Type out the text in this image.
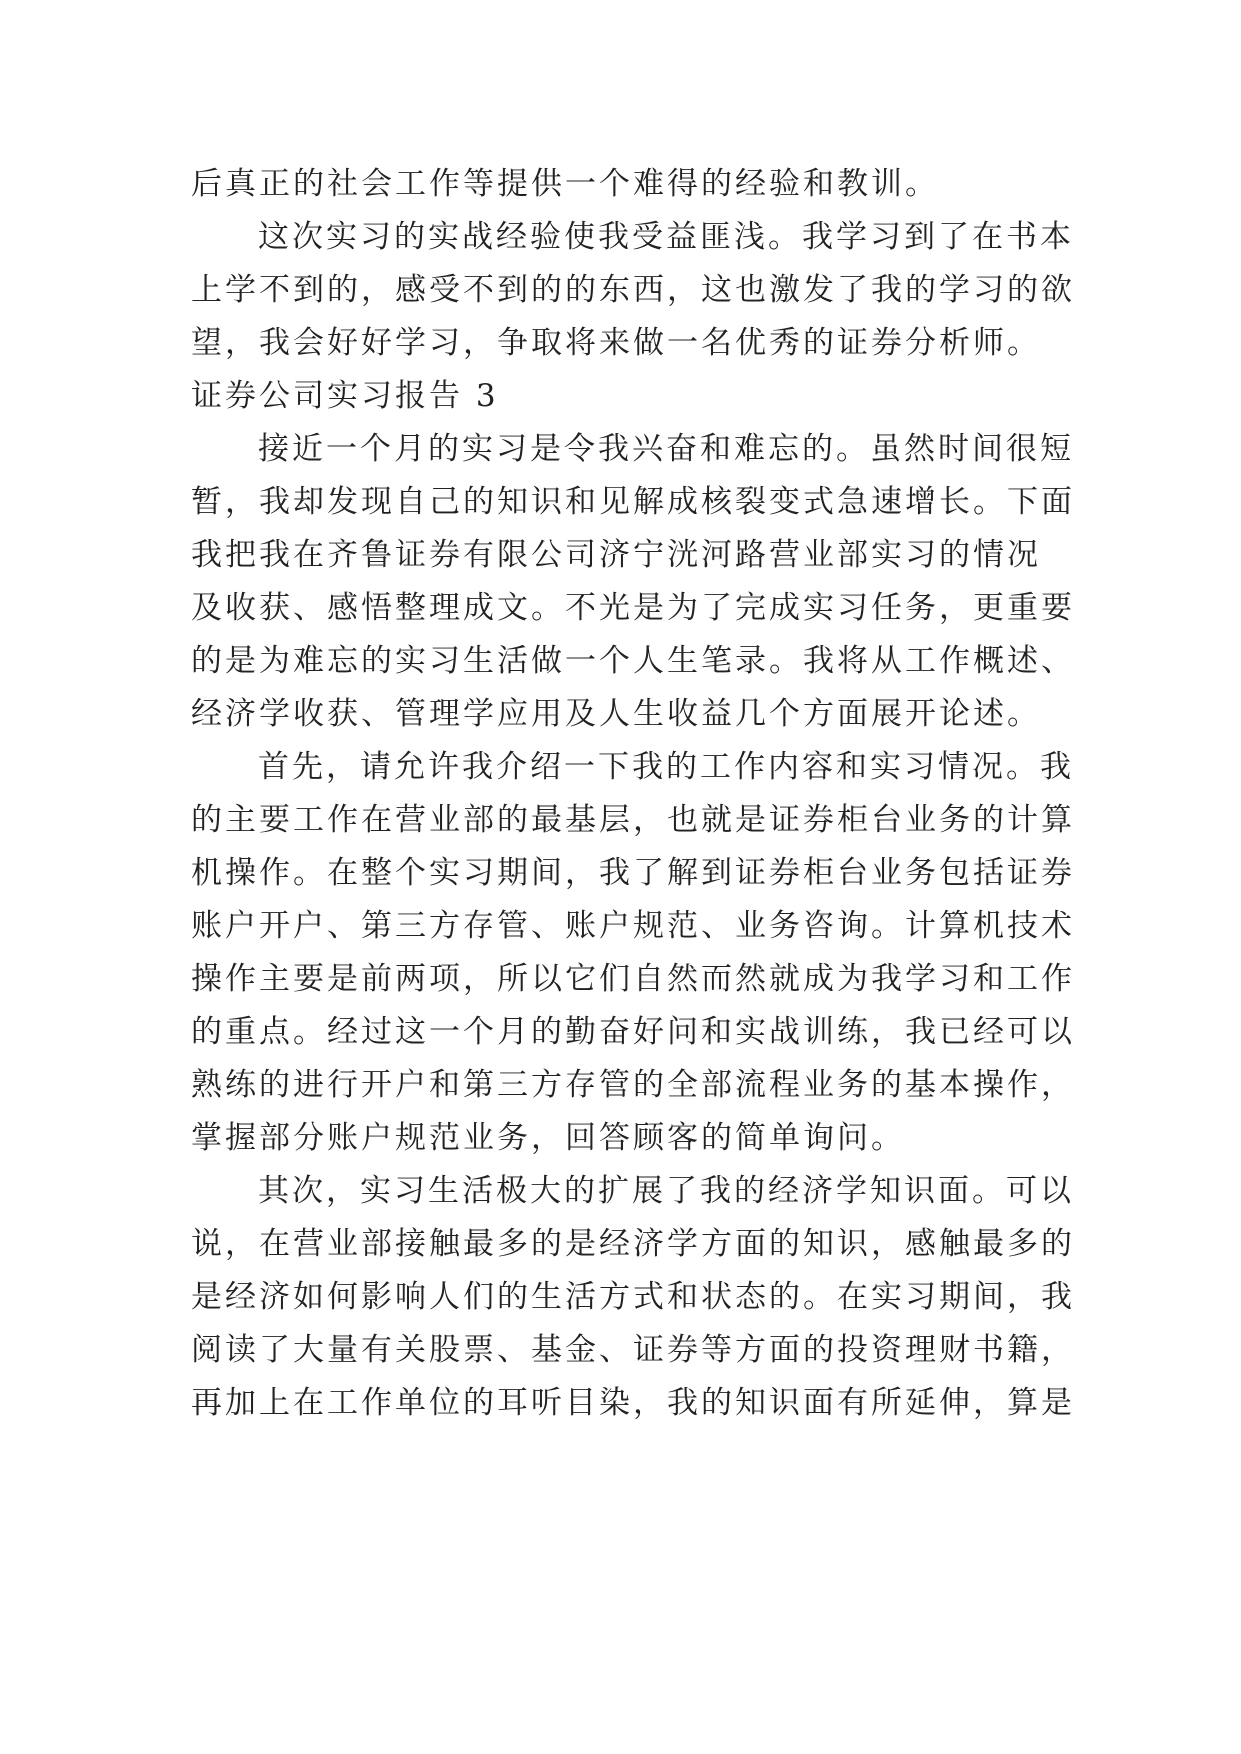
后真正的社会工作等提供一个难得的经验和教训。
这次实习的实战经验使我受益匪浅。我学习到了在书本
上学不到的，感受不到的的东西，这也激发了我的学习的欲
望，我会好好学习，争取将来做一名优秀的证券分析师。
证券公司实习报告 3
接近一个月的实习是令我兴奋和难忘的。虽然时间很短
暂，我却发现自己的知识和见解成核裂变式急速增长。下面
我把我在齐鲁证券有限公司济宁洸河路营业部实习的情况
及收获、感悟整理成文。不光是为了完成实习任务，更重要
的是为难忘的实习生活做一个人生笔录。我将从工作概述、
经济学收获、管理学应用及人生收益几个方面展开论述。
首先，请允许我介绍一下我的工作内容和实习情况。我
的主要工作在营业部的最基层，也就是证券柜台业务的计算
机操作。在整个实习期间，我了解到证券柜台业务包括证券
账户开户、第三方存管、账户规范、业务咨询。计算机技术
操作主要是前两项，所以它们自然而然就成为我学习和工作
的重点。经过这一个月的勤奋好问和实战训练，我已经可以
熟练的进行开户和第三方存管的全部流程业务的基本操作，
掌握部分账户规范业务，回答顾客的简单询问。
其次，实习生活极大的扩展了我的经济学知识面。可以
说，在营业部接触最多的是经济学方面的知识，感触最多的
是经济如何影响人们的生活方式和状态的。在实习期间，我
阅读了大量有关股票、基金、证券等方面的投资理财书籍，
再加上在工作单位的耳听目染，我的知识面有所延伸，算是
